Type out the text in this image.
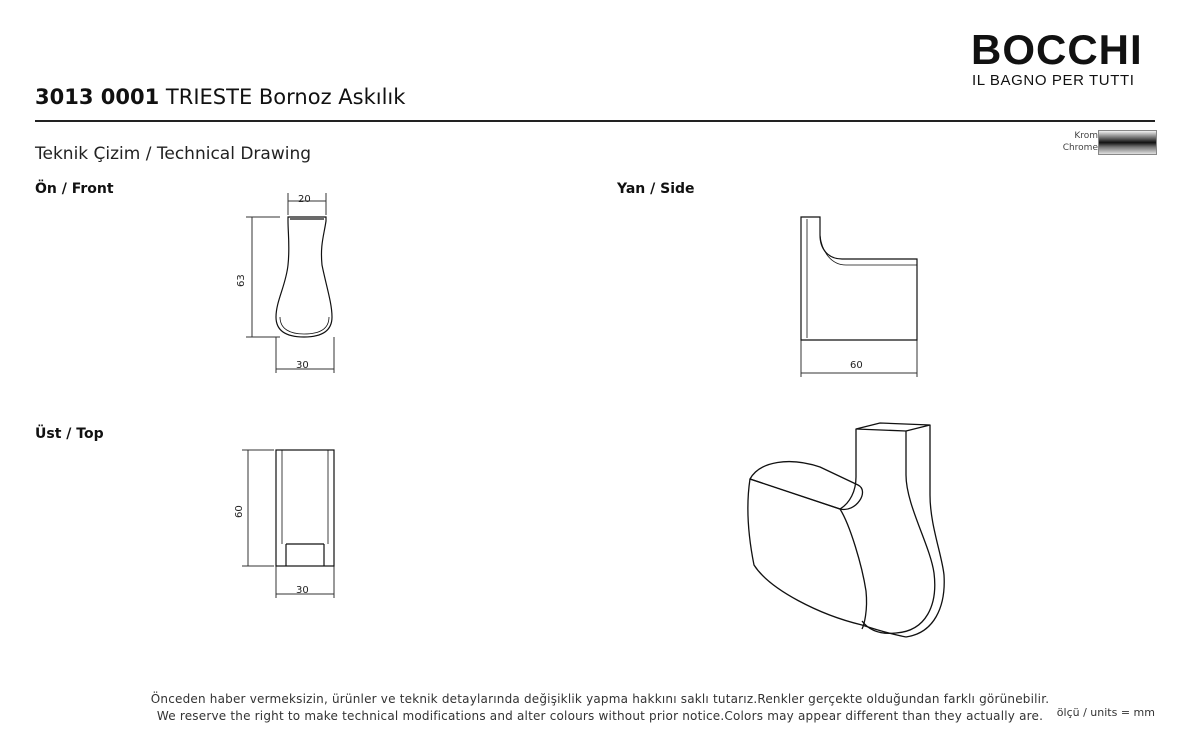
BOCCHI
IL BAGNO PER TUTTI
3013 0001 TRIESTE Bornoz Askılık
Teknik Çizim / Technical Drawing
Krom
Chrome
Ön / Front	Yan / Side
Üst / Top
20
63
30	60
60
30
Önceden haber vermeksizin, ürünler ve teknik detaylarında değişiklik yapma hakkını saklı tutarız.Renkler gerçekte olduğundan farklı görünebilir.
We reserve the right to make technical modifications and alter colours without prior notice.Colors may appear different than they actually are.	ölçü / units = mm
